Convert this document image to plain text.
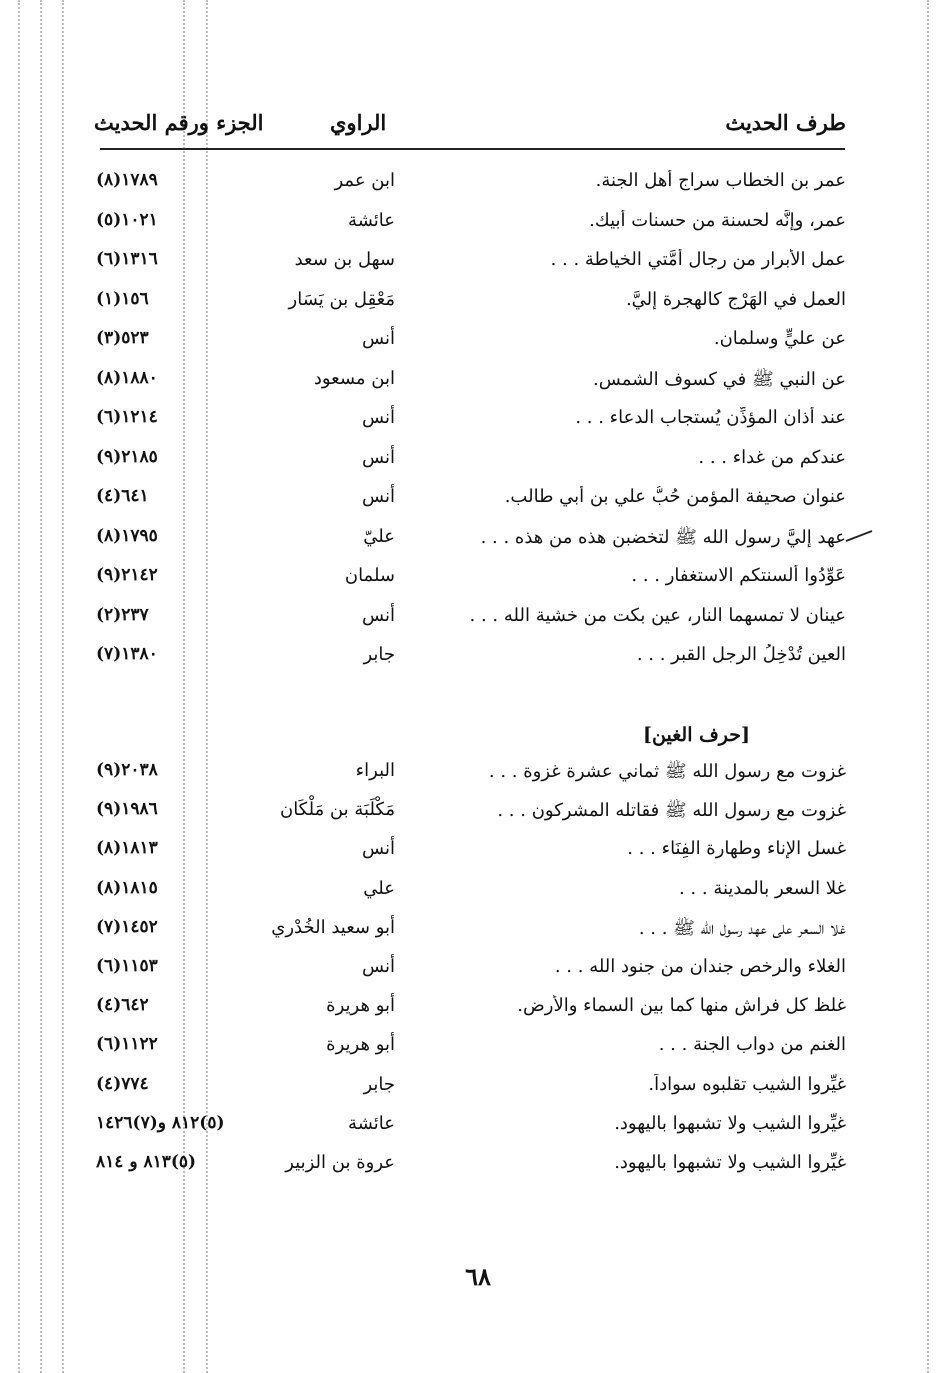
طرف الحديث
الراوي
الجزء ورقم الحديث
عمر بن الخطاب سراج أهل الجنة.
ابن عمر
١٧٨٩(٨)
عمر، وإنَّه لحسنة من حسنات أبيك.
عائشة
١٠٢١(٥)
عمل الأبرار من رجال أُمَّتي الخياطة . . .
سهل بن سعد
١٣١٦(٦)
العمل في الهَرْج كالهجرة إليَّ.
مَعْقِل بن يَسَار
١٥٦(١)
عن عليٍّ وسلمان.
أنس
٥٢٣(٣)
عن النبي ﷺ في كسوف الشمس.
ابن مسعود
١٨٨٠(٨)
عند أذان المؤذِّن يُستجاب الدعاء . . .
أنس
١٢١٤(٦)
عندكم من غداء . . .
أنس
٢١٨٥(٩)
عنوان صحيفة المؤمن حُبُّ علي بن أبي طالب.
أنس
٦٤١(٤)
عهد إليَّ رسول الله ﷺ لتخضبن هذه من هذه . . .
عليّ
١٧٩٥(٨)
عَوِّدُوا ألسنتكم الاستغفار . . .
سلمان
٢١٤٢(٩)
عينان لا تمسهما النار، عين بكت من خشية الله . . .
أنس
٢٣٧(٢)
العين تُدْخِلُ الرجل القبر . . .
جابر
١٣٨٠(٧)
[حرف الغين]
غزوت مع رسول الله ﷺ ثماني عشرة غزوة . . .
البراء
٢٠٣٨(٩)
غزوت مع رسول الله ﷺ فقاتله المشركون . . .
مَكْلَبَة بن مَلْكَان
١٩٨٦(٩)
غسل الإناء وطهارة الفِنَاء . . .
أنس
١٨١٣(٨)
غلا السعر بالمدينة . . .
علي
١٨١٥(٨)
غلا السعر على عهد رسول الله ﷺ . . .
أبو سعيد الخُدْري
١٤٥٢(٧)
الغلاء والرخص جندان من جنود الله . . .
أنس
١١٥٣(٦)
غلظ كل فراش منها كما بين السماء والأرض.
أبو هريرة
٦٤٢(٤)
الغنم من دواب الجنة . . .
أبو هريرة
١١٢٢(٦)
غيِّروا الشيب تقلبوه سواداً.
جابر
٧٧٤(٤)
غيِّروا الشيب ولا تشبهوا باليهود.
عائشة
(٥)٨١٢ و(٧)١٤٢٦
غيِّروا الشيب ولا تشبهوا باليهود.
عروة بن الزبير
(٥)٨١٣ و ٨١٤
٦٨
